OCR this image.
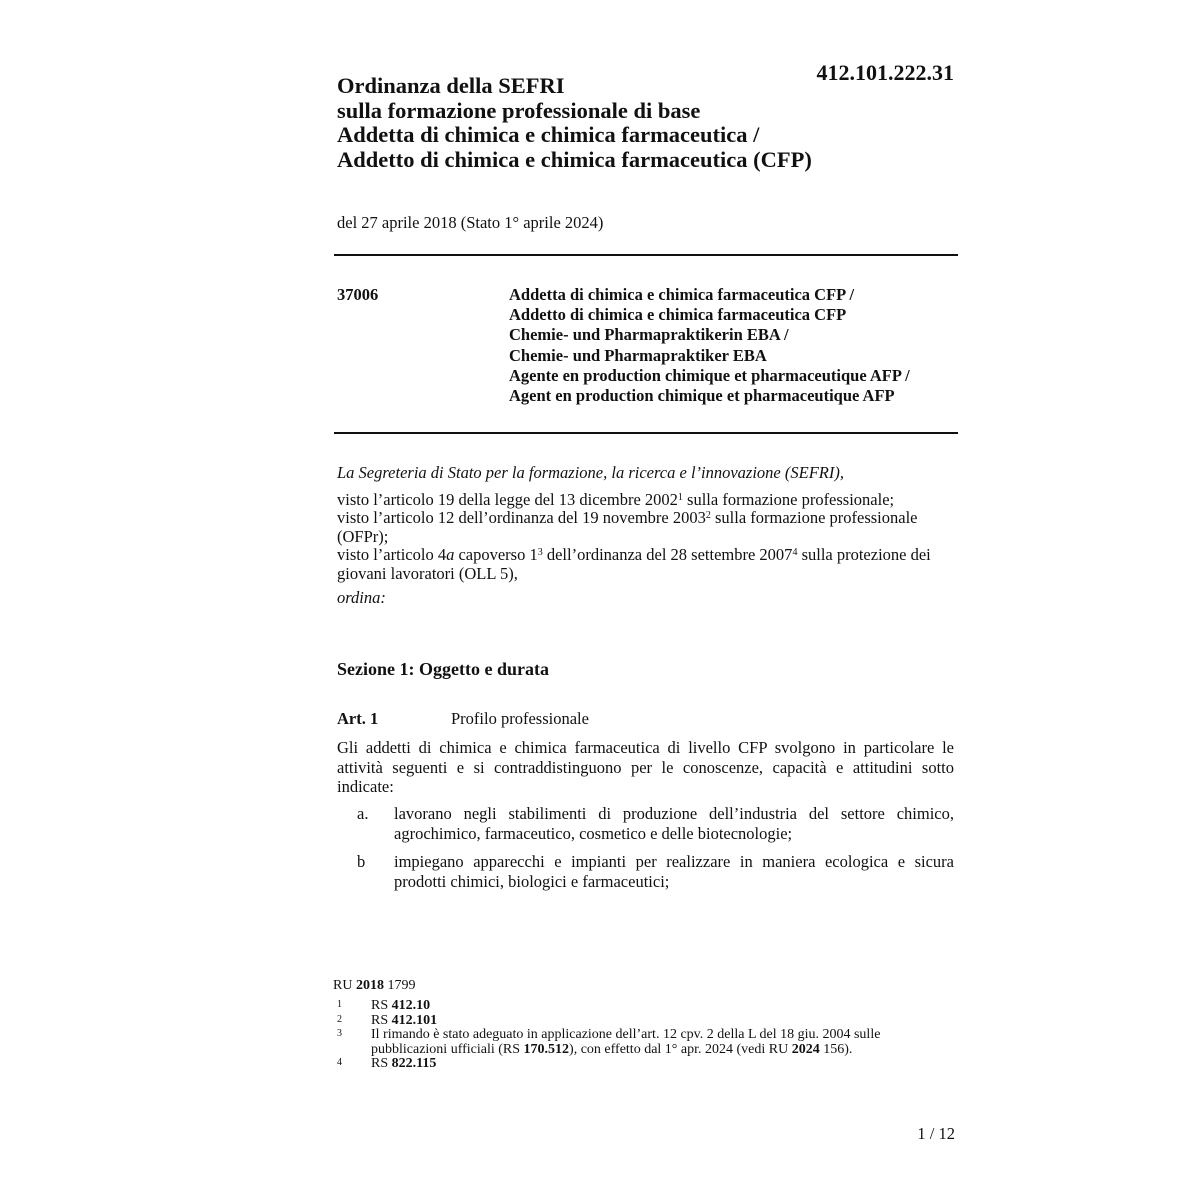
412.101.222.31
Ordinanza della SEFRI
sulla formazione professionale di base
Addetta di chimica e chimica farmaceutica /
Addetto di chimica e chimica farmaceutica (CFP)
del 27 aprile 2018 (Stato 1° aprile 2024)
37006	Addetta di chimica e chimica farmaceutica CFP /
Addetto di chimica e chimica farmaceutica CFP
Chemie- und Pharmapraktikerin EBA /
Chemie- und Pharmapraktiker EBA
Agente en production chimique et pharmaceutique AFP /
Agent en production chimique et pharmaceutique AFP
La Segreteria di Stato per la formazione, la ricerca e l’innovazione (SEFRI),
visto l’articolo 19 della legge del 13 dicembre 2002$^1$ sulla formazione professionale;
visto l’articolo 12 dell’ordinanza del 19 novembre 2003$^2$ sulla formazione professionale (OFPr);
visto l’articolo 4a capoverso $1^3$ dell’ordinanza del 28 settembre 2007$^4$ sulla protezione dei giovani lavoratori (OLL 5),
ordina:
Sezione 1: Oggetto e durata
Art. 1	Profilo professionale
Gli addetti di chimica e chimica farmaceutica di livello CFP svolgono in particolare le attività seguenti e si contraddistinguono per le conoscenze, capacità e attitudini sotto indicate:
a.	lavorano negli stabilimenti di produzione dell’industria del settore chimico, agrochimico, farmaceutico, cosmetico e delle biotecnologie;
b	impiegano apparecchi e impianti per realizzare in maniera ecologica e sicura prodotti chimici, biologici e farmaceutici;
RU 2018 1799
1	RS 412.10
2	RS 412.101
3	Il rimando è stato adeguato in applicazione dell’art. 12 cpv. 2 della L del 18 giu. 2004 sulle pubblicazioni ufficiali (RS 170.512), con effetto dal 1° apr. 2024 (vedi RU 2024 156).
4	RS 822.115
1 / 12
